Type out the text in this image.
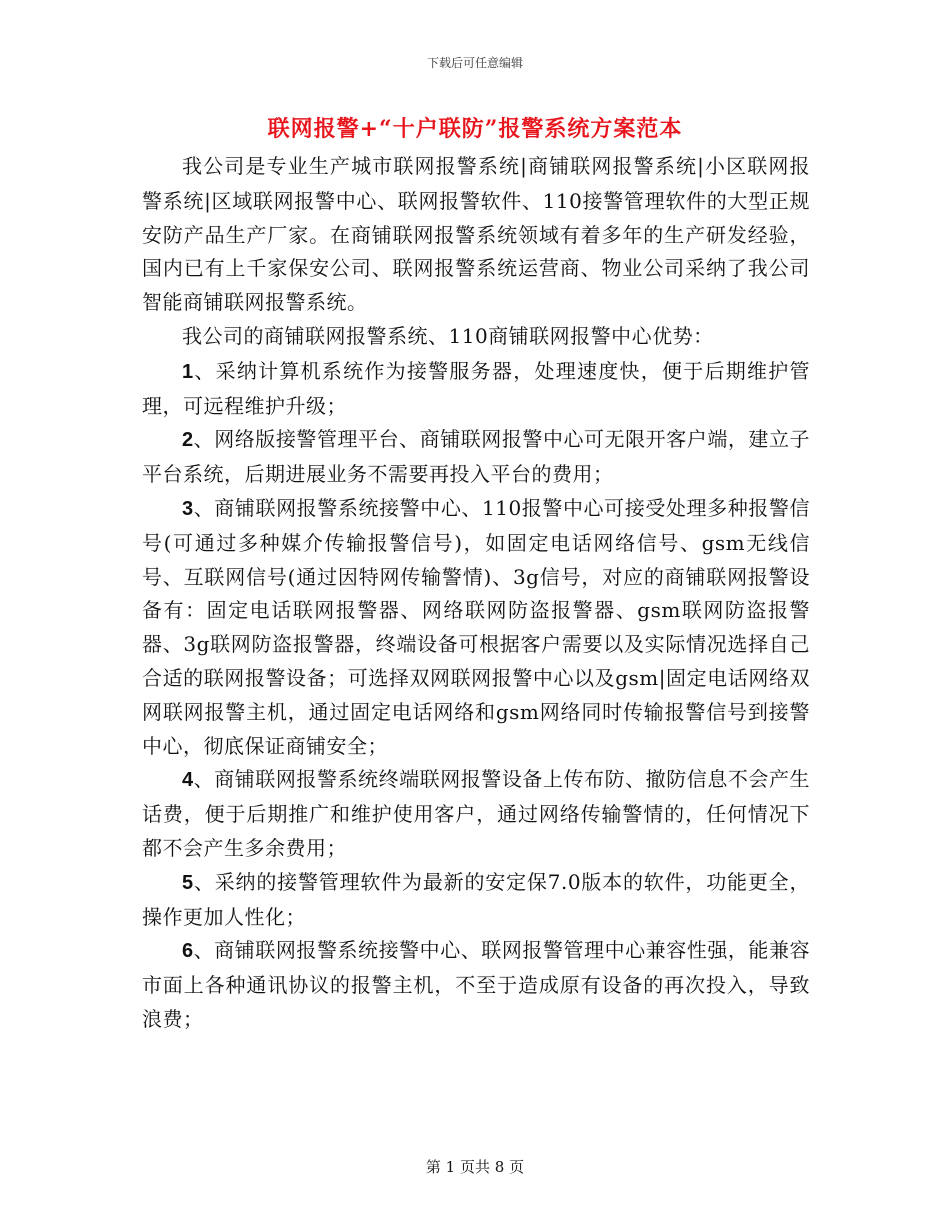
下载后可任意编辑
联网报警+“十户联防”报警系统方案范本

我公司是专业生产城市联网报警系统|商铺联网报警系统|小区联网报警系统|区域联网报警中心、联网报警软件、110接警管理软件的大型正规安防产品生产厂家。在商铺联网报警系统领域有着多年的生产研发经验，国内已有上千家保安公司、联网报警系统运营商、物业公司采纳了我公司智能商铺联网报警系统。

我公司的商铺联网报警系统、110商铺联网报警中心优势：

1、采纳计算机系统作为接警服务器，处理速度快，便于后期维护管理，可远程维护升级；

2、网络版接警管理平台、商铺联网报警中心可无限开客户端，建立子平台系统，后期进展业务不需要再投入平台的费用；

3、商铺联网报警系统接警中心、110报警中心可接受处理多种报警信号(可通过多种媒介传输报警信号)，如固定电话网络信号、gsm无线信号、互联网信号(通过因特网传输警情)、3g信号，对应的商铺联网报警设备有：固定电话联网报警器、网络联网防盗报警器、gsm联网防盗报警器、3g联网防盗报警器，终端设备可根据客户需要以及实际情况选择自己合适的联网报警设备；可选择双网联网报警中心以及gsm|固定电话网络双网联网报警主机，通过固定电话网络和gsm网络同时传输报警信号到接警中心，彻底保证商铺安全；

4、商铺联网报警系统终端联网报警设备上传布防、撤防信息不会产生话费，便于后期推广和维护使用客户，通过网络传输警情的，任何情况下都不会产生多余费用；

5、采纳的接警管理软件为最新的安定保7.0版本的软件，功能更全，操作更加人性化；

6、商铺联网报警系统接警中心、联网报警管理中心兼容性强，能兼容市面上各种通讯协议的报警主机，不至于造成原有设备的再次投入，导致浪费；

第 1 页共 8 页
